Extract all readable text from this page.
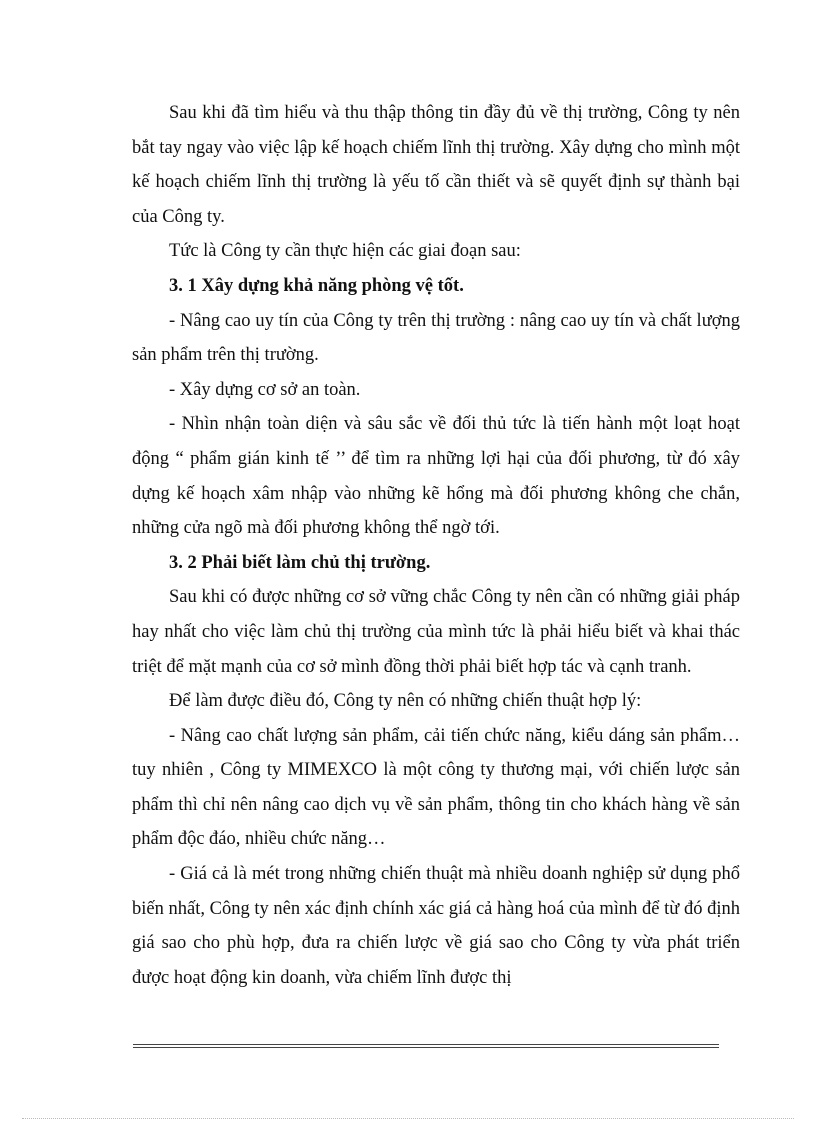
Sau khi đã tìm hiểu và thu thập thông tin đầy đủ về thị trường, Công ty nên bắt tay ngay vào việc lập kế hoạch chiếm lĩnh thị trường. Xây dựng cho mình một kế hoạch chiếm lĩnh thị trường là yếu tố cần thiết và sẽ quyết định sự thành bại của Công ty.

Tức là Công ty cần thực hiện các giai đoạn sau:

3. 1 Xây dựng khả năng phòng vệ tốt.

- Nâng cao uy tín của Công ty trên thị trường : nâng cao uy tín và chất lượng sản phẩm trên thị trường.

- Xây dựng cơ sở an toàn.

- Nhìn nhận toàn diện và sâu sắc về đối thủ tức là tiến hành một loạt hoạt động “ phẩm gián kinh tế ’’ để tìm ra những lợi hại của đối phương, từ đó xây dựng kế hoạch xâm nhập vào những kẽ hổng mà đối phương không che chắn, những cửa ngõ mà đối phương không thể ngờ tới.

3. 2 Phải biết làm chủ thị trường.

Sau khi có được những cơ sở vững chắc Công ty nên cần có những giải pháp hay nhất cho việc làm chủ thị trường của mình tức là phải hiểu biết và khai thác triệt để mặt mạnh của cơ sở mình đồng thời phải biết hợp tác và cạnh tranh.

Để làm được điều đó, Công ty nên có những chiến thuật hợp lý:

- Nâng cao chất lượng sản phẩm, cải tiến chức năng, kiểu dáng sản phẩm… tuy nhiên , Công ty MIMEXCO là một công ty thương mại, với chiến lược sản phẩm thì chỉ nên nâng cao dịch vụ về sản phẩm, thông tin cho khách hàng về sản phẩm độc đáo, nhiều chức năng…

- Giá cả là mét trong những chiến thuật mà nhiều doanh nghiệp sử dụng phổ biến nhất, Công ty nên xác định chính xác giá cả hàng hoá của mình để từ đó định giá sao cho phù hợp, đưa ra chiến lược về giá sao cho Công ty vừa phát triển được hoạt động kin doanh, vừa chiếm lĩnh được thị
